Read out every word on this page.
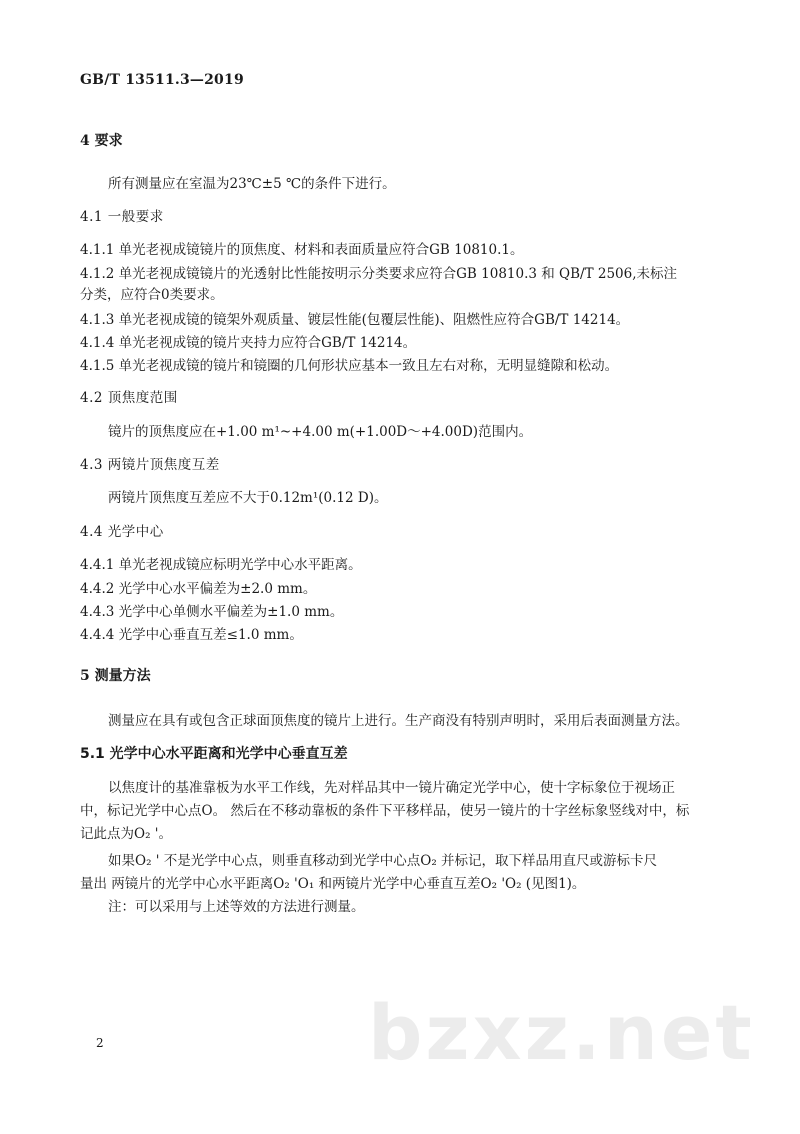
GB/T 13511.3—2019
4 要求
所有测量应在室温为23℃±5 ℃的条件下进行。
4.1 一般要求
4.1.1 单光老视成镜镜片的顶焦度、材料和表面质量应符合GB 10810.1。
4.1.2 单光老视成镜镜片的光透射比性能按明示分类要求应符合GB 10810.3 和 QB/T 2506,未标注
分类，应符合0类要求。
4.1.3 单光老视成镜的镜架外观质量、镀层性能(包覆层性能)、阻燃性应符合GB/T 14214。
4.1.4 单光老视成镜的镜片夹持力应符合GB/T 14214。
4.1.5 单光老视成镜的镜片和镜圈的几何形状应基本一致且左右对称，无明显缝隙和松动。
4.2 顶焦度范围
镜片的顶焦度应在+1.00 m¹~+4.00 m(+1.00D～+4.00D)范围内。
4.3 两镜片顶焦度互差
两镜片顶焦度互差应不大于0.12m¹(0.12 D)。
4.4 光学中心
4.4.1 单光老视成镜应标明光学中心水平距离。
4.4.2 光学中心水平偏差为±2.0 mm。
4.4.3 光学中心单侧水平偏差为±1.0 mm。
4.4.4 光学中心垂直互差≤1.0 mm。
5 测量方法
测量应在具有或包含正球面顶焦度的镜片上进行。生产商没有特别声明时，采用后表面测量方法。
5.1 光学中心水平距离和光学中心垂直互差
以焦度计的基准靠板为水平工作线，先对样品其中一镜片确定光学中心，使十字标象位于视场正
中，标记光学中心点O。 然后在不移动靠板的条件下平移样品，使另一镜片的十字丝标象竖线对中，标
记此点为O₂ '。
如果O₂ ' 不是光学中心点，则垂直移动到光学中心点O₂ 并标记，取下样品用直尺或游标卡尺
量出 两镜片的光学中心水平距离O₂ 'O₁ 和两镜片光学中心垂直互差O₂ 'O₂ (见图1)。
注：可以采用与上述等效的方法进行测量。
bzxz.net
2
